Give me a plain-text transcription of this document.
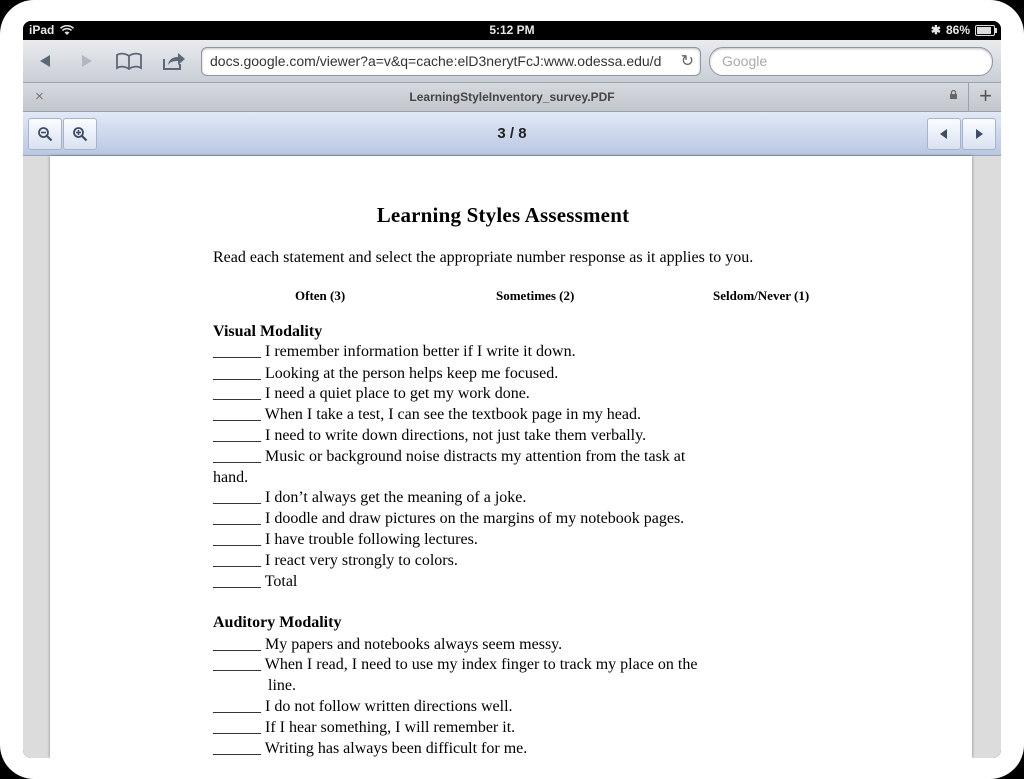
iPad	5:12 PM	✱ 86%
docs.google.com/viewer?a=v&q=cache:elD3nerytFcJ:www.odessa.edu/d	↻ Google
×	LearningStyleInventory_survey.PDF	+
3 / 8
Learning Styles Assessment
Read each statement and select the appropriate number response as it applies to you.
Often (3)	Sometimes (2)	Seldom/Never (1)
Visual Modality
______ I remember information better if I write it down.
______ Looking at the person helps keep me focused.
______ I need a quiet place to get my work done.
______ When I take a test, I can see the textbook page in my head.
______ I need to write down directions, not just take them verbally.
______ Music or background noise distracts my attention from the task at
hand.
______ I don’t always get the meaning of a joke.
______ I doodle and draw pictures on the margins of my notebook pages.
______ I have trouble following lectures.
______ I react very strongly to colors.
______ Total
Auditory Modality
______ My papers and notebooks always seem messy.
______ When I read, I need to use my index finger to track my place on the
line.
______ I do not follow written directions well.
______ If I hear something, I will remember it.
______ Writing has always been difficult for me.
